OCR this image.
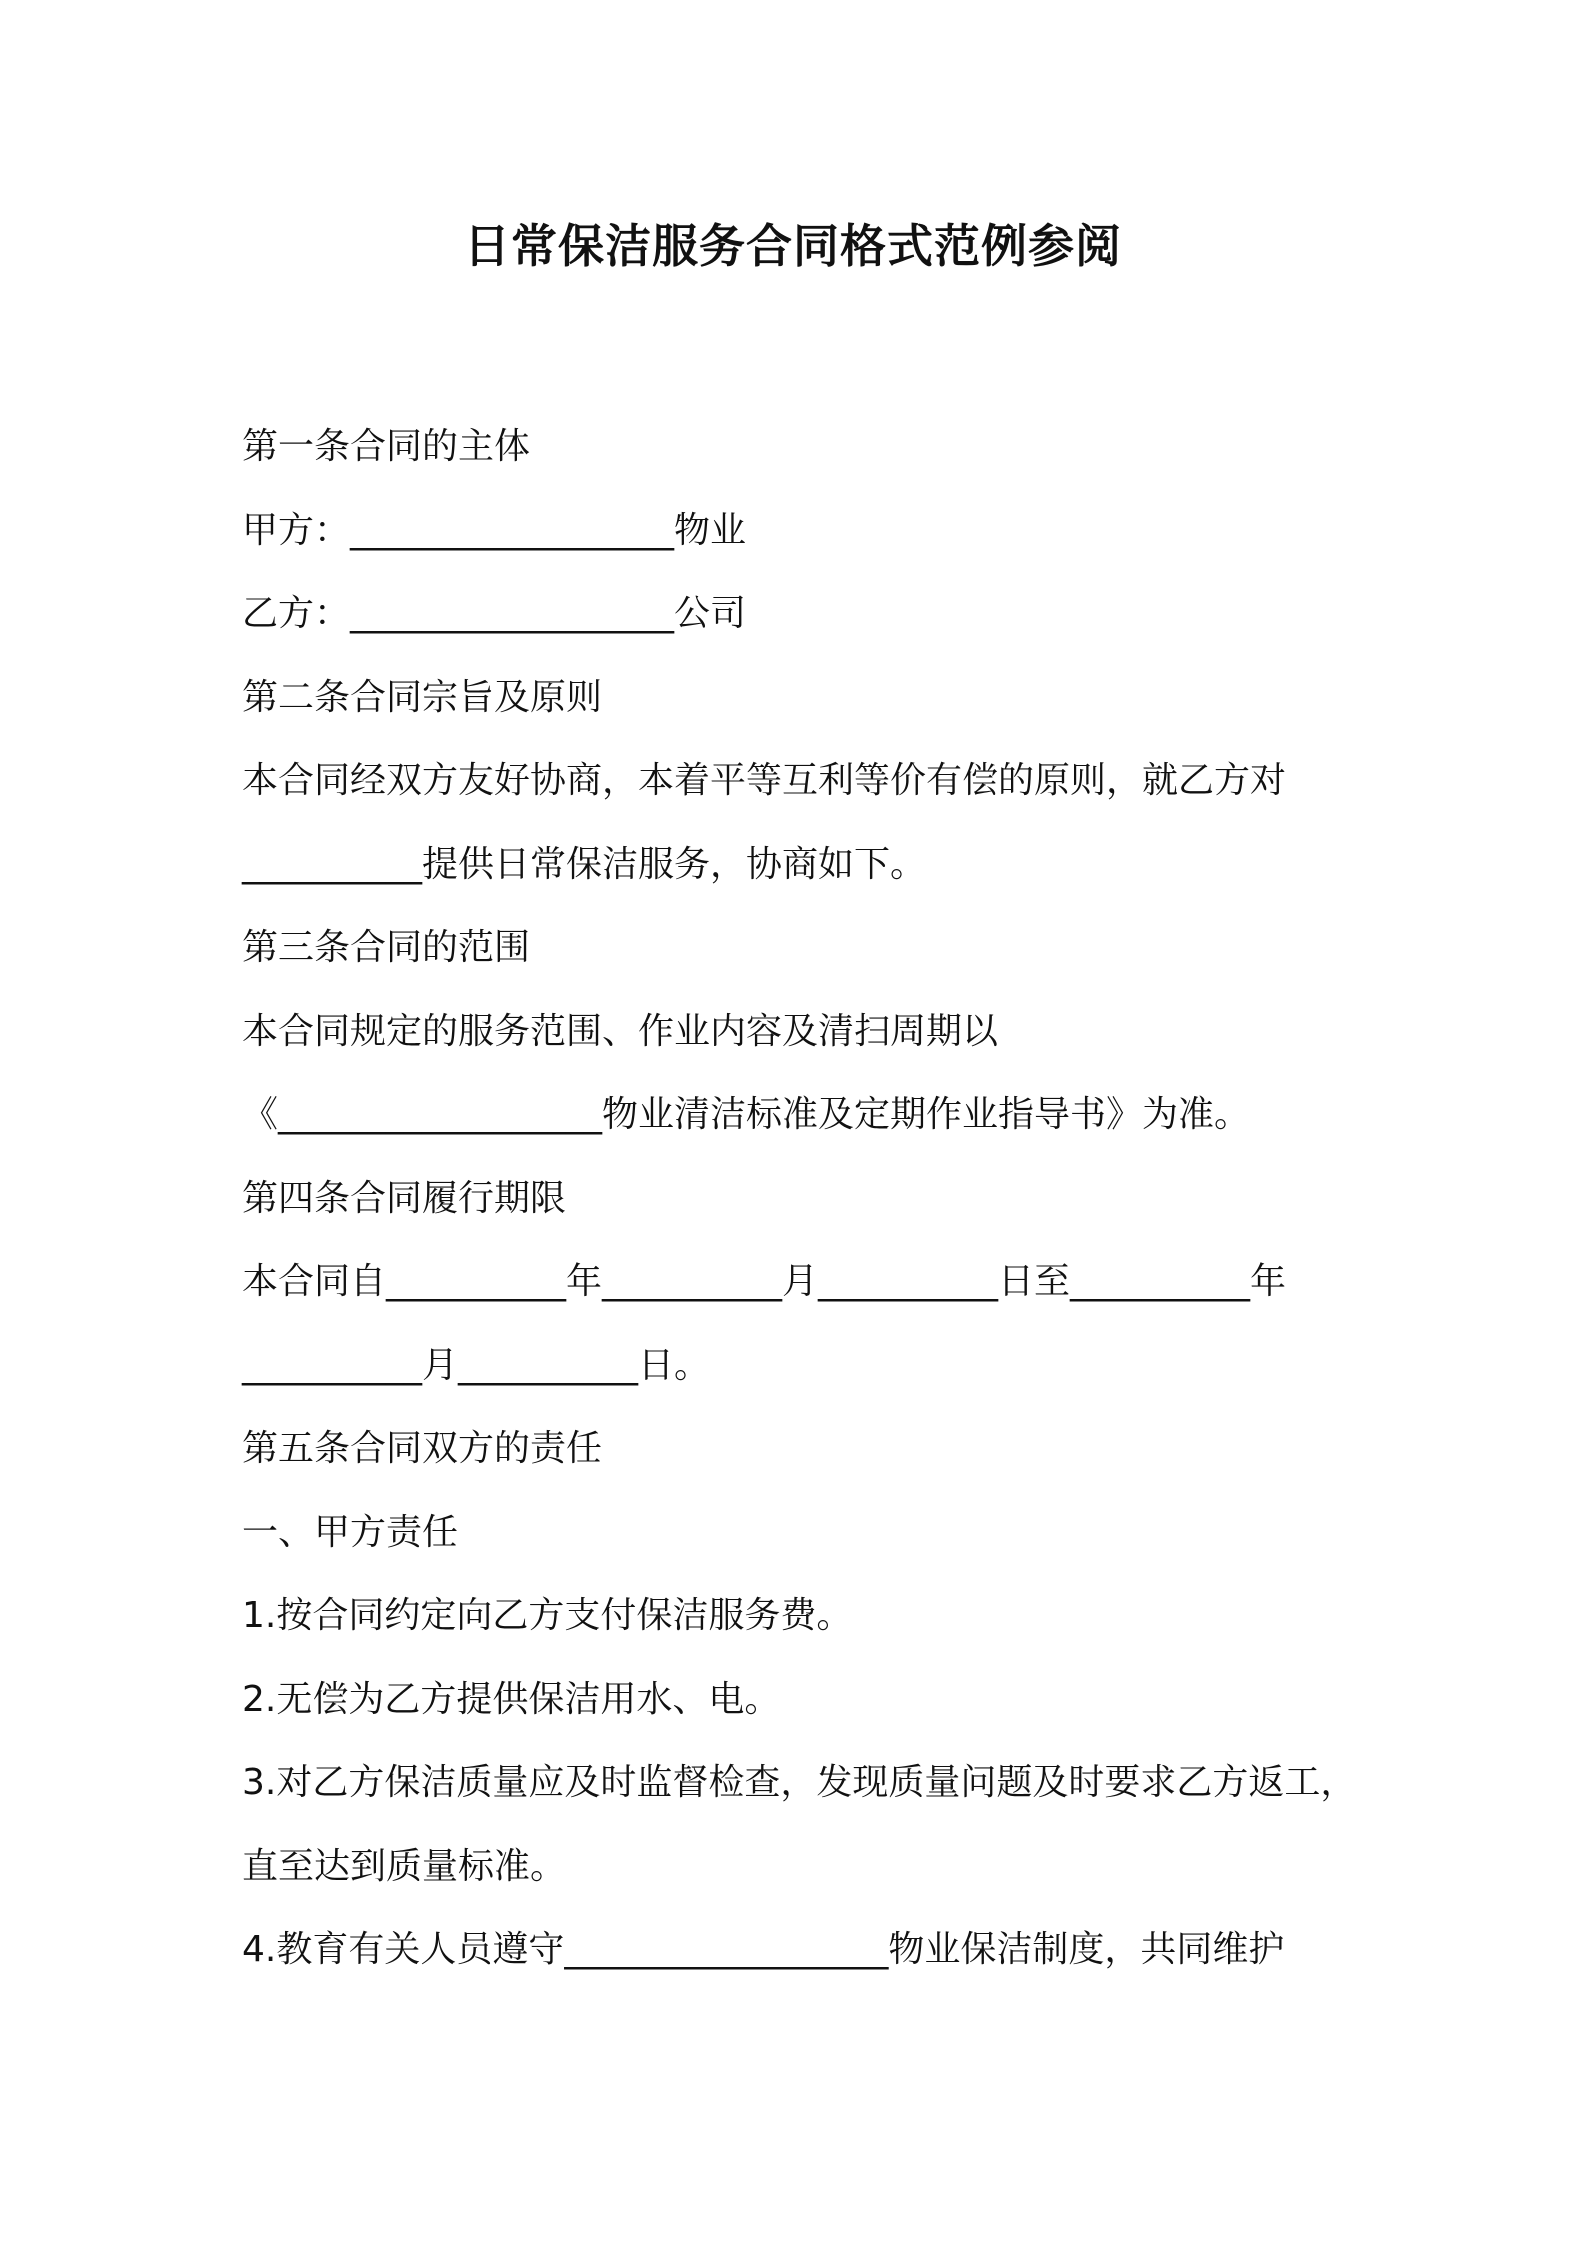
日常保洁服务合同格式范例参阅

第一条合同的主体

甲方：__________________物业

乙方：__________________公司

第二条合同宗旨及原则

本合同经双方友好协商，本着平等互利等价有偿的原则，就乙方对

__________提供日常保洁服务，协商如下。

第三条合同的范围

本合同规定的服务范围、作业内容及清扫周期以

《__________________物业清洁标准及定期作业指导书》为准。

第四条合同履行期限

本合同自__________年__________月__________日至__________年

__________月__________日。

第五条合同双方的责任

一、甲方责任

1.按合同约定向乙方支付保洁服务费。

2.无偿为乙方提供保洁用水、电。

3.对乙方保洁质量应及时监督检查，发现质量问题及时要求乙方返工，

直至达到质量标准。

4.教育有关人员遵守__________________物业保洁制度，共同维护
